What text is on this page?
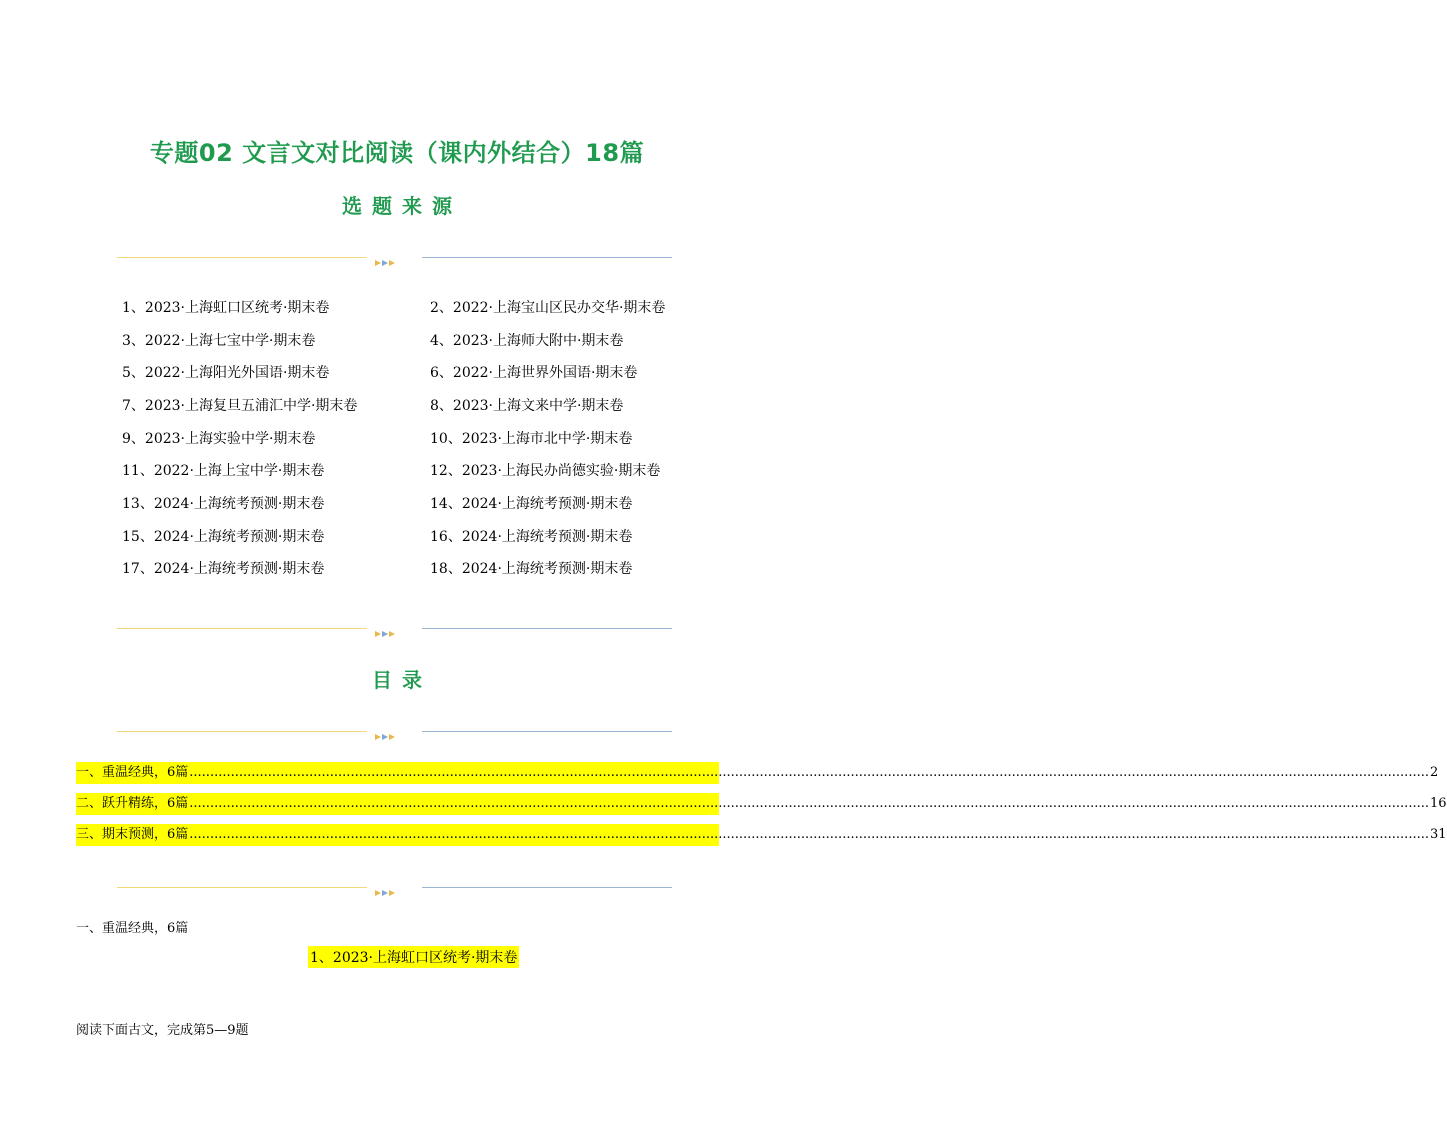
专题02 文言文对比阅读（课内外结合）18篇
选题来源
1、2023·上海虹口区统考·期末卷	2、2022·上海宝山区民办交华·期末卷
3、2022·上海七宝中学·期末卷	4、2023·上海师大附中·期末卷
5、2022·上海阳光外国语·期末卷	6、2022·上海世界外国语·期末卷
7、2023·上海复旦五浦汇中学·期末卷	8、2023·上海文来中学·期末卷
9、2023·上海实验中学·期末卷	10、2023·上海市北中学·期末卷
11、2022·上海上宝中学·期末卷	12、2023·上海民办尚德实验·期末卷
13、2024·上海统考预测·期末卷	14、2024·上海统考预测·期末卷
15、2024·上海统考预测·期末卷	16、2024·上海统考预测·期末卷
17、2024·上海统考预测·期末卷	18、2024·上海统考预测·期末卷
目录
一、重温经典，6篇 ............................................................................................................................................................................................................................................................................................................ 2
二、跃升精练，6篇 ............................................................................................................................................................................................................................................................................................................ 16
三、期末预测，6篇 ............................................................................................................................................................................................................................................................................................................ 31
一、重温经典，6篇
1、2023·上海虹口区统考·期末卷
阅读下面古文，完成第5—9题
